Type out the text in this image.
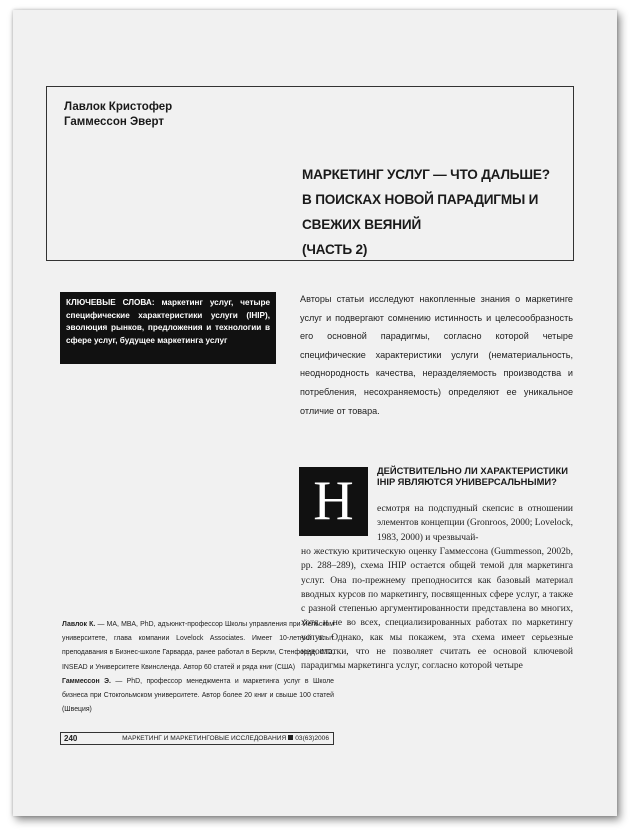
Лавлок Кристофер
Гаммессон Эверт
МАРКЕТИНГ УСЛУГ — ЧТО ДАЛЬШЕ?
В ПОИСКАХ НОВОЙ ПАРАДИГМЫ И
СВЕЖИХ ВЕЯНИЙ
(ЧАСТЬ 2)
КЛЮЧЕВЫЕ СЛОВА: маркетинг услуг, четыре специфические характеристики услуги (IHIP), эволюция рынков, предложения и технологии в сфере услуг, будущее маркетинга услуг
Авторы статьи исследуют накопленные знания о маркетинге услуг и подвергают сомнению истинность и целесообразность его основной парадигмы, согласно которой четыре специфические характеристики услуги (нематериальность, неоднородность качества, неразделяемость производства и потребления, несохраняемость) определяют ее уникальное отличие от товара.
Н	ДЕЙСТВИТЕЛЬНО ЛИ ХАРАКТЕРИСТИКИ IHIP ЯВЛЯЮТСЯ УНИВЕРСАЛЬНЫМИ?
есмотря на подспудный скепсис в отношении элементов концепции (Gronroos, 2000; Lovelock, 1983, 2000) и чрезвычай-
но жесткую критическую оценку Гаммессона (Gummesson, 2002b, pp. 288–289), схема IHIP остается общей темой для маркетинга услуг. Она по-прежнему преподносится как базовый материал вводных курсов по маркетингу, посвященных сфере услуг, а также с разной степенью аргументированности представлена во многих, хотя и не во всех, специализированных работах по маркетингу услуг. Однако, как мы покажем, эта схема имеет серьезные недостатки, что не позволяет считать ее основой ключевой парадигмы маркетинга услуг, согласно которой четыре
Лавлок К. — MA, MBA, PhD, адъюнкт-профессор Школы управления при Йельском университете, глава компании Lovelock Associates. Имеет 10-летний опыт преподавания в Бизнес-школе Гарварда, ранее работал в Беркли, Стенфорде, IMD, INSEAD и Университете Квинсленда. Автор 60 статей и ряда книг (США)
Гаммессон Э. — PhD, профессор менеджмента и маркетинга услуг в Школе бизнеса при Стокгольмском университете. Автор более 20 книг и свыше 100 статей (Швеция)
240	МАРКЕТИНГ И МАРКЕТИНГОВЫЕ ИССЛЕДОВАНИЯ 03(63)2006
